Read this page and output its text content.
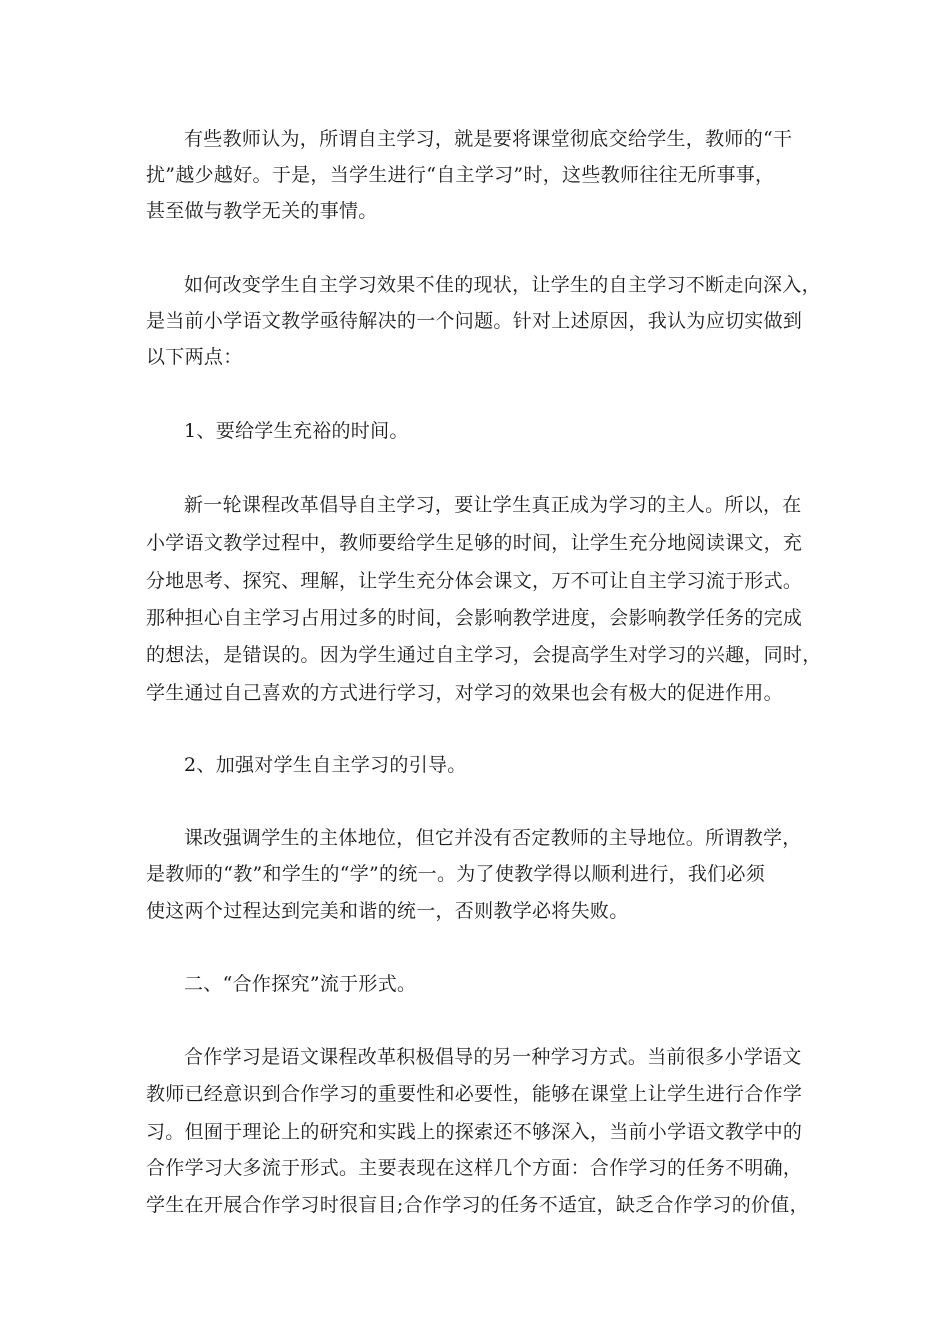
有些教师认为，所谓自主学习，就是要将课堂彻底交给学生，教师的“干
扰”越少越好。于是，当学生进行“自主学习”时，这些教师往往无所事事，
甚至做与教学无关的事情。
如何改变学生自主学习效果不佳的现状，让学生的自主学习不断走向深入，
是当前小学语文教学亟待解决的一个问题。针对上述原因，我认为应切实做到
以下两点：
1、要给学生充裕的时间。
新一轮课程改革倡导自主学习，要让学生真正成为学习的主人。所以，在
小学语文教学过程中，教师要给学生足够的时间，让学生充分地阅读课文，充
分地思考、探究、理解，让学生充分体会课文，万不可让自主学习流于形式。
那种担心自主学习占用过多的时间，会影响教学进度，会影响教学任务的完成
的想法，是错误的。因为学生通过自主学习，会提高学生对学习的兴趣，同时，
学生通过自己喜欢的方式进行学习，对学习的效果也会有极大的促进作用。
2、加强对学生自主学习的引导。
课改强调学生的主体地位，但它并没有否定教师的主导地位。所谓教学，
是教师的“教”和学生的“学”的统一。为了使教学得以顺利进行，我们必须
使这两个过程达到完美和谐的统一，否则教学必将失败。
二、“合作探究”流于形式。
合作学习是语文课程改革积极倡导的另一种学习方式。当前很多小学语文
教师已经意识到合作学习的重要性和必要性，能够在课堂上让学生进行合作学
习。但囿于理论上的研究和实践上的探索还不够深入，当前小学语文教学中的
合作学习大多流于形式。主要表现在这样几个方面：合作学习的任务不明确，
学生在开展合作学习时很盲目;合作学习的任务不适宜，缺乏合作学习的价值，
